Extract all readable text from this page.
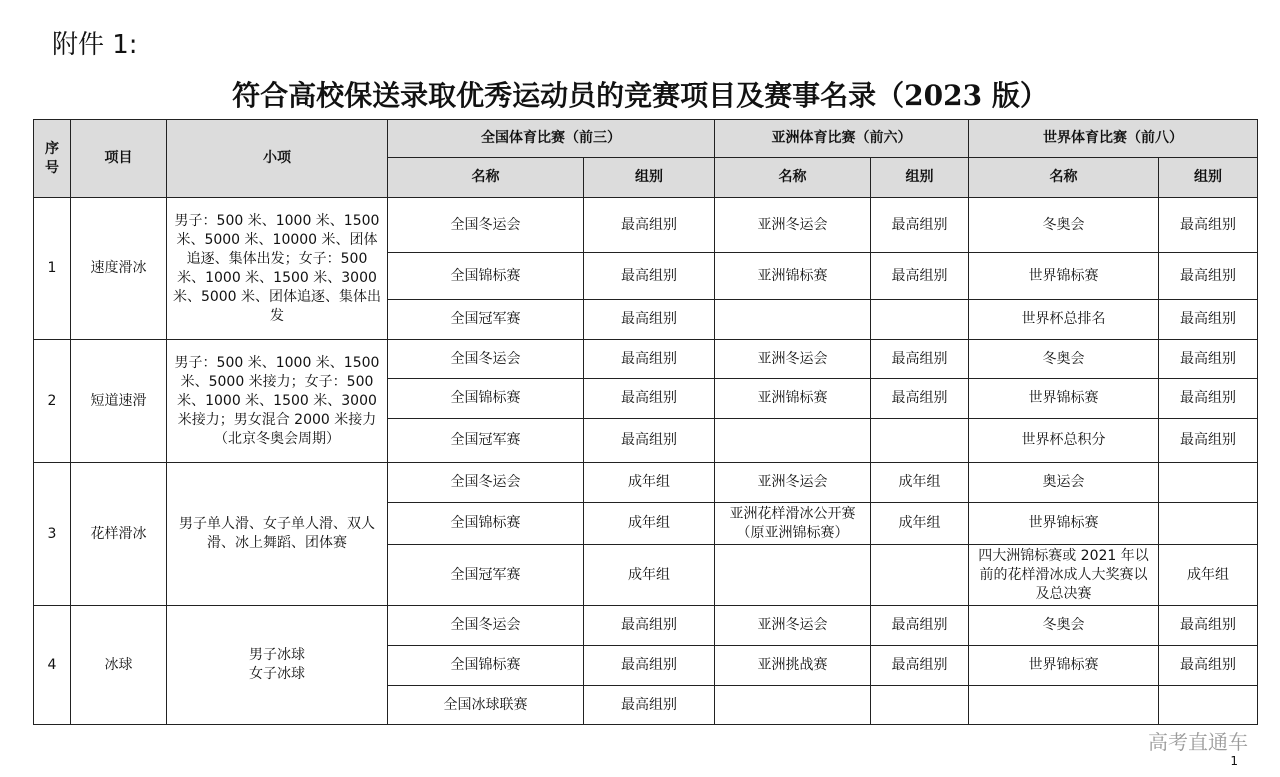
附件 1:
符合高校保送录取优秀运动员的竞赛项目及赛事名录（2023 版）
序号	项目	小项	全国体育比赛（前三）		亚洲体育比赛（前六）		世界体育比赛（前八）	
			名称	组别	名称	组别	名称	组别
1	速度滑冰	男子：500 米、1000 米、1500 米、5000 米、10000 米、团体追逐、集体出发；女子：500 米、1000 米、1500 米、3000 米、5000 米、团体追逐、集体出发	全国冬运会	最高组别	亚洲冬运会	最高组别	冬奥会	最高组别
			全国锦标赛	最高组别	亚洲锦标赛	最高组别	世界锦标赛	最高组别
			全国冠军赛	最高组别			世界杯总排名	最高组别
2	短道速滑	男子：500 米、1000 米、1500 米、5000 米接力；女子：500 米、1000 米、1500 米、3000 米接力；男女混合 2000 米接力（北京冬奥会周期）	全国冬运会	最高组别	亚洲冬运会	最高组别	冬奥会	最高组别
			全国锦标赛	最高组别	亚洲锦标赛	最高组别	世界锦标赛	最高组别
			全国冠军赛	最高组别			世界杯总积分	最高组别
3	花样滑冰	男子单人滑、女子单人滑、双人滑、冰上舞蹈、团体赛	全国冬运会	成年组	亚洲冬运会	成年组	奥运会	
			全国锦标赛	成年组	亚洲花样滑冰公开赛（原亚洲锦标赛）	成年组	世界锦标赛	
			全国冠军赛	成年组			四大洲锦标赛或 2021 年以前的花样滑冰成人大奖赛以及总决赛	成年组
4	冰球	男子冰球
女子冰球	全国冬运会	最高组别	亚洲冬运会	最高组别	冬奥会	最高组别
			全国锦标赛	最高组别	亚洲挑战赛	最高组别	世界锦标赛	最高组别
			全国冰球联赛	最高组别				
高考直通车
1
